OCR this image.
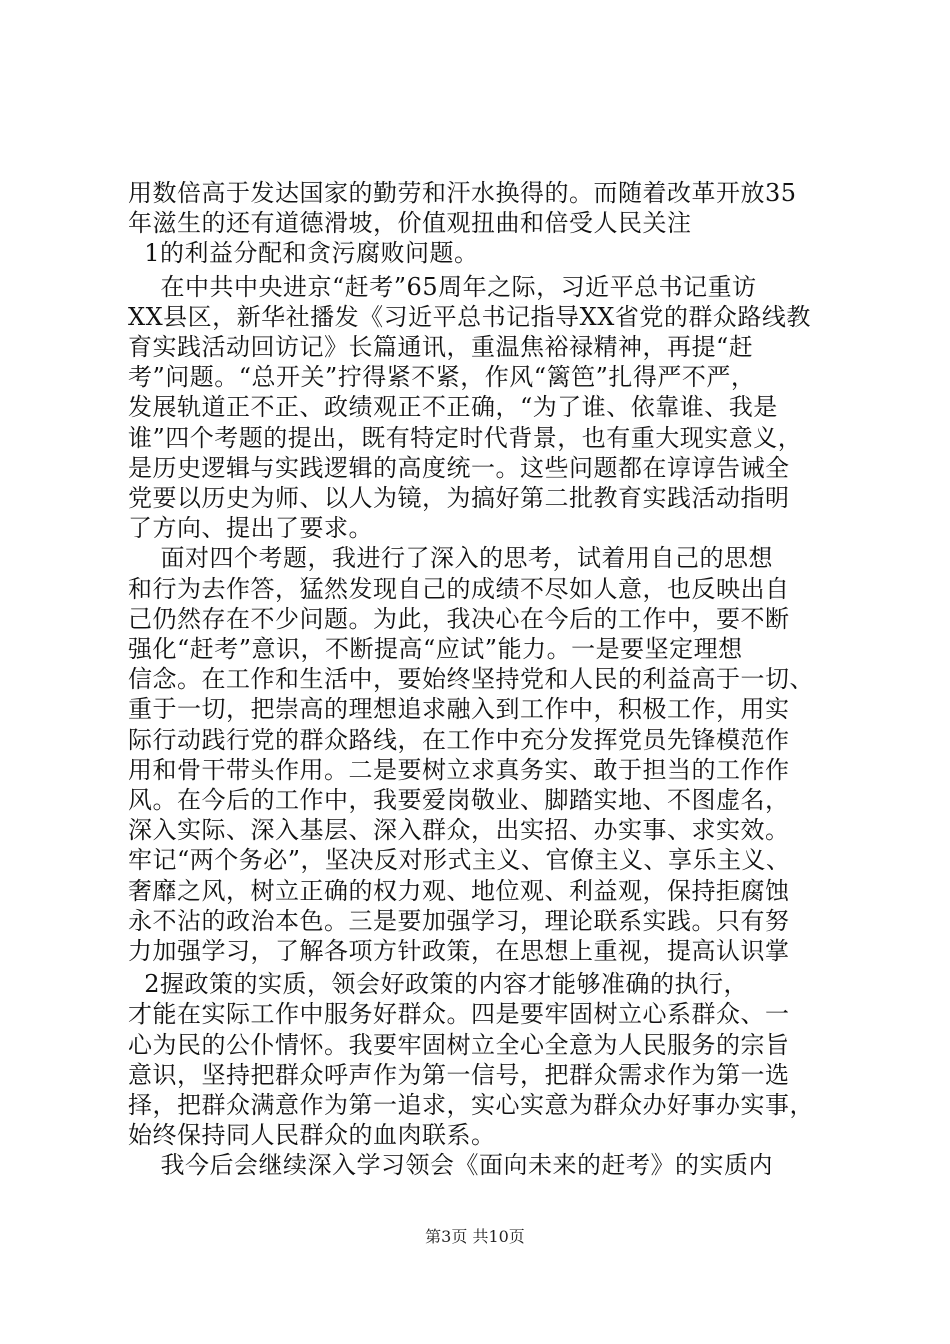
用数倍高于发达国家的勤劳和汗水换得的。而随着改革开放35
年滋生的还有道德滑坡，价值观扭曲和倍受人民关注
1的利益分配和贪污腐败问题。
在中共中央进京“赶考”65周年之际，习近平总书记重访
XX县区，新华社播发《习近平总书记指导XX省党的群众路线教
育实践活动回访记》长篇通讯，重温焦裕禄精神，再提“赶
考”问题。“总开关”拧得紧不紧，作风“篱笆”扎得严不严，
发展轨道正不正、政绩观正不正确，“为了谁、依靠谁、我是
谁”四个考题的提出，既有特定时代背景，也有重大现实意义，
是历史逻辑与实践逻辑的高度统一。这些问题都在谆谆告诫全
党要以历史为师、以人为镜，为搞好第二批教育实践活动指明
了方向、提出了要求。
面对四个考题，我进行了深入的思考，试着用自己的思想
和行为去作答，猛然发现自己的成绩不尽如人意，也反映出自
己仍然存在不少问题。为此，我决心在今后的工作中，要不断
强化“赶考”意识，不断提高“应试”能力。一是要坚定理想
信念。在工作和生活中，要始终坚持党和人民的利益高于一切、
重于一切，把崇高的理想追求融入到工作中，积极工作，用实
际行动践行党的群众路线，在工作中充分发挥党员先锋模范作
用和骨干带头作用。二是要树立求真务实、敢于担当的工作作
风。在今后的工作中，我要爱岗敬业、脚踏实地、不图虚名，
深入实际、深入基层、深入群众，出实招、办实事、求实效。
牢记“两个务必”，坚决反对形式主义、官僚主义、享乐主义、
奢靡之风，树立正确的权力观、地位观、利益观，保持拒腐蚀
永不沾的政治本色。三是要加强学习，理论联系实践。只有努
力加强学习，了解各项方针政策，在思想上重视，提高认识掌
2握政策的实质，领会好政策的内容才能够准确的执行，
才能在实际工作中服务好群众。四是要牢固树立心系群众、一
心为民的公仆情怀。我要牢固树立全心全意为人民服务的宗旨
意识，坚持把群众呼声作为第一信号，把群众需求作为第一选
择，把群众满意作为第一追求，实心实意为群众办好事办实事，
始终保持同人民群众的血肉联系。
我今后会继续深入学习领会《面向未来的赶考》的实质内
第3页 共10页
